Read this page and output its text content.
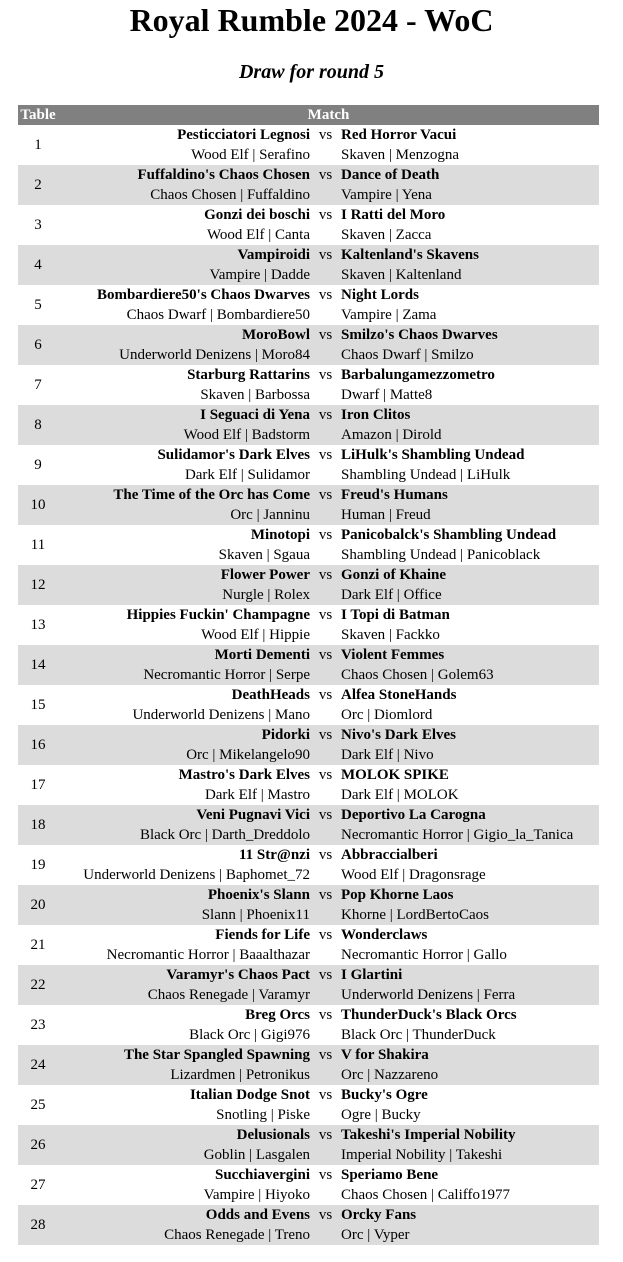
Royal Rumble 2024 - WoC
Draw for round 5
Table	Match
1
Pesticciatori Legnosi vs Red Horror Vacui
Wood Elf | Serafino Skaven | Menzogna
2
Fuffaldino's Chaos Chosen vs Dance of Death
Chaos Chosen | Fuffaldino Vampire | Yena
3
Gonzi dei boschi vs I Ratti del Moro
Wood Elf | Canta Skaven | Zacca
4
Vampiroidi vs Kaltenland's Skavens
Vampire | Dadde Skaven | Kaltenland
5
Bombardiere50's Chaos Dwarves vs Night Lords
Chaos Dwarf | Bombardiere50 Vampire | Zama
6
MoroBowl vs Smilzo's Chaos Dwarves
Underworld Denizens | Moro84 Chaos Dwarf | Smilzo
7
Starburg Rattarins vs Barbalungamezzometro
Skaven | Barbossa Dwarf | Matte8
8
I Seguaci di Yena vs Iron Clitos
Wood Elf | Badstorm Amazon | Dirold
9
Sulidamor's Dark Elves vs LiHulk's Shambling Undead
Dark Elf | Sulidamor Shambling Undead | LiHulk
10
The Time of the Orc has Come vs Freud's Humans
Orc | Janninu Human | Freud
11
Minotopi vs Panicobalck's Shambling Undead
Skaven | Sgaua Shambling Undead | Panicoblack
12
Flower Power vs Gonzi of Khaine
Nurgle | Rolex Dark Elf | Office
13
Hippies Fuckin' Champagne vs I Topi di Batman
Wood Elf | Hippie Skaven | Fackko
14
Morti Dementi vs Violent Femmes
Necromantic Horror | Serpe Chaos Chosen | Golem63
15
DeathHeads vs Alfea StoneHands
Underworld Denizens | Mano Orc | Diomlord
16
Pidorki vs Nivo's Dark Elves
Orc | Mikelangelo90 Dark Elf | Nivo
17
Mastro's Dark Elves vs MOLOK SPIKE
Dark Elf | Mastro Dark Elf | MOLOK
18
Veni Pugnavi Vici vs Deportivo La Carogna
Black Orc | Darth_Dreddolo Necromantic Horror | Gigio_la_Tanica
19
11 Str@nzi vs Abbraccialberi
Underworld Denizens | Baphomet_72 Wood Elf | Dragonsrage
20
Phoenix's Slann vs Pop Khorne Laos
Slann | Phoenix11 Khorne | LordBertoCaos
21
Fiends for Life vs Wonderclaws
Necromantic Horror | Baaalthazar Necromantic Horror | Gallo
22
Varamyr's Chaos Pact vs I Glartini
Chaos Renegade | Varamyr Underworld Denizens | Ferra
23
Breg Orcs vs ThunderDuck's Black Orcs
Black Orc | Gigi976 Black Orc | ThunderDuck
24
The Star Spangled Spawning vs V for Shakira
Lizardmen | Petronikus Orc | Nazzareno
25
Italian Dodge Snot vs Bucky's Ogre
Snotling | Piske Ogre | Bucky
26
Delusionals vs Takeshi's Imperial Nobility
Goblin | Lasgalen Imperial Nobility | Takeshi
27
Succhiavergini vs Speriamo Bene
Vampire | Hiyoko Chaos Chosen | Califfo1977
28
Odds and Evens vs Orcky Fans
Chaos Renegade | Treno Orc | Vyper
